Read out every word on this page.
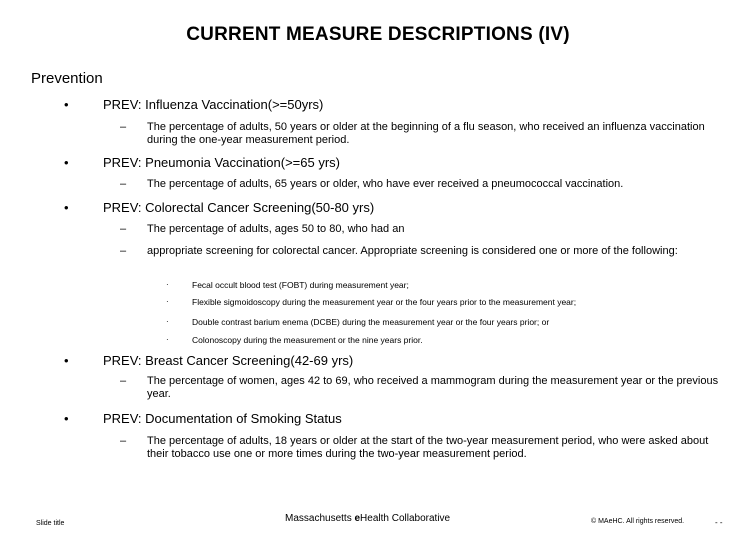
CURRENT MEASURE DESCRIPTIONS (IV)
Prevention
•	PREV: Influenza Vaccination(>=50yrs)
– The percentage of adults, 50 years or older at the beginning of a flu season, who received an influenza vaccination during the one-year measurement period.
•	PREV: Pneumonia Vaccination(>=65 yrs)
– The percentage of adults, 65 years or older, who have ever received a pneumococcal vaccination.
•	PREV: Colorectal Cancer Screening(50-80 yrs)
– The percentage of adults, ages 50 to 80, who had an
– appropriate screening for colorectal cancer. Appropriate screening is considered one or more of the following:
·	Fecal occult blood test (FOBT) during measurement year;
·	Flexible sigmoidoscopy during the measurement year or the four years prior to the measurement year;
·	Double contrast barium enema (DCBE) during the measurement year or the four years prior; or
·	Colonoscopy during the measurement or the nine years prior.
•	PREV: Breast Cancer Screening(42-69 yrs)
– The percentage of women, ages 42 to 69, who received a mammogram during the measurement year or the previous year.
•	PREV: Documentation of Smoking Status
– The percentage of adults, 18 years or older at the start of the two-year measurement period, who were asked about their tobacco use one or more times during the two-year measurement period.
Slide title	Massachusetts eHealth Collaborative	© MAeHC. All rights reserved.	- -
